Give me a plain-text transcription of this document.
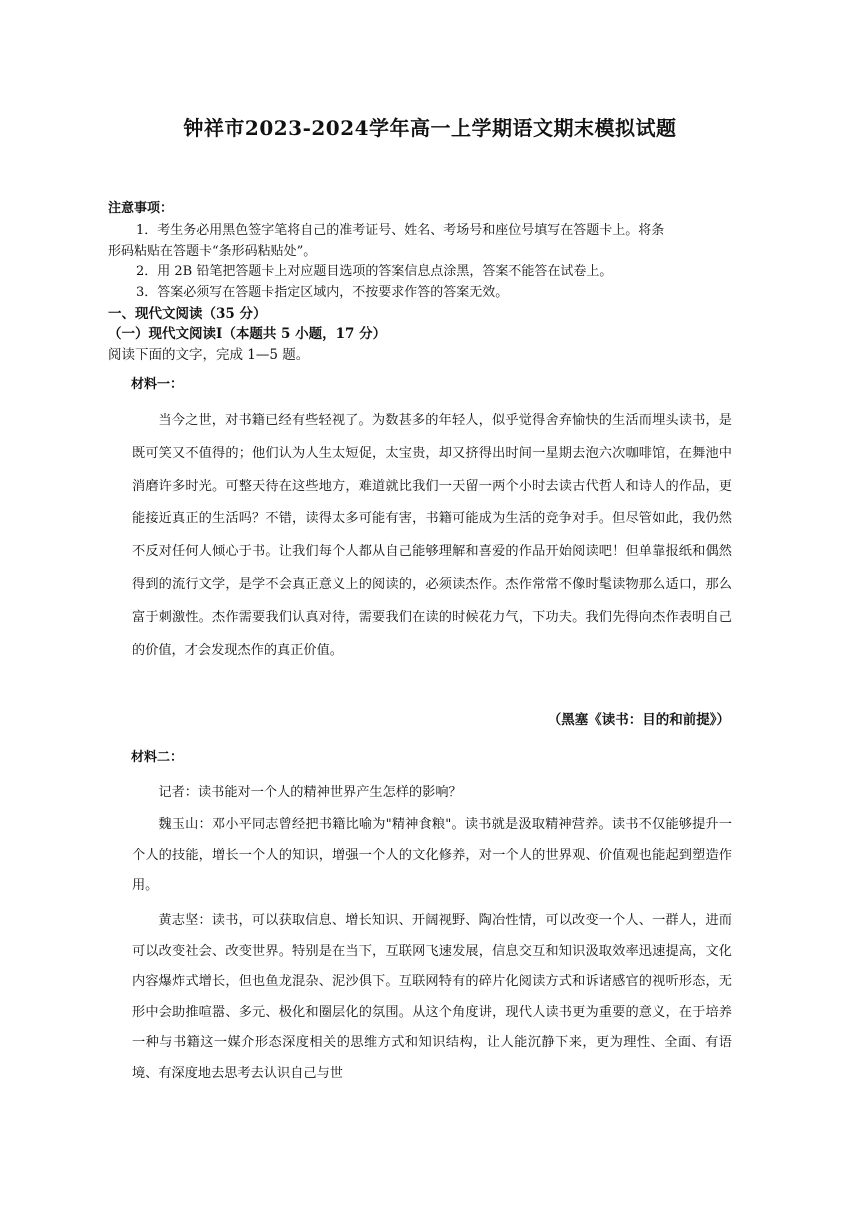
钟祥市2023-2024学年高一上学期语文期末模拟试题
注意事项：
1．考生务必用黑色签字笔将自己的准考证号、姓名、考场号和座位号填写在答题卡上。将条
形码粘贴在答题卡“条形码粘贴处”。
2．用 2B 铅笔把答题卡上对应题目选项的答案信息点涂黑，答案不能答在试卷上。
3．答案必须写在答题卡指定区域内，不按要求作答的答案无效。
一、现代文阅读（35 分）
（一）现代文阅读Ⅰ（本题共 5 小题，17 分）
阅读下面的文字，完成 1—5 题。
材料一：

当今之世，对书籍已经有些轻视了。为数甚多的年轻人，似乎觉得舍弃愉快的生活而埋头读书，是既可笑又不值得的；他们认为人生太短促，太宝贵，却又挤得出时间一星期去泡六次咖啡馆，在舞池中消磨许多时光。可整天待在这些地方，难道就比我们一天留一两个小时去读古代哲人和诗人的作品，更能接近真正的生活吗？不错，读得太多可能有害，书籍可能成为生活的竞争对手。但尽管如此，我仍然不反对任何人倾心于书。让我们每个人都从自己能够理解和喜爱的作品开始阅读吧！但单靠报纸和偶然得到的流行文学，是学不会真正意义上的阅读的，必须读杰作。杰作常常不像时髦读物那么适口，那么富于刺激性。杰作需要我们认真对待，需要我们在读的时候花力气，下功夫。我们先得向杰作表明自己的价值，才会发现杰作的真正价值。

（黑塞《读书：目的和前提》）
材料二：

记者：读书能对一个人的精神世界产生怎样的影响？

魏玉山：邓小平同志曾经把书籍比喻为"精神食粮"。读书就是汲取精神营养。读书不仅能够提升一个人的技能，增长一个人的知识，增强一个人的文化修养，对一个人的世界观、价值观也能起到塑造作用。

黄志坚：读书，可以获取信息、增长知识、开阔视野、陶冶性情，可以改变一个人、一群人，进而可以改变社会、改变世界。特别是在当下，互联网飞速发展，信息交互和知识汲取效率迅速提高，文化内容爆炸式增长，但也鱼龙混杂、泥沙俱下。互联网特有的碎片化阅读方式和诉诸感官的视听形态，无形中会助推喧嚣、多元、极化和圈层化的氛围。从这个角度讲，现代人读书更为重要的意义，在于培养一种与书籍这一媒介形态深度相关的思维方式和知识结构，让人能沉静下来，更为理性、全面、有语境、有深度地去思考去认识自己与世
